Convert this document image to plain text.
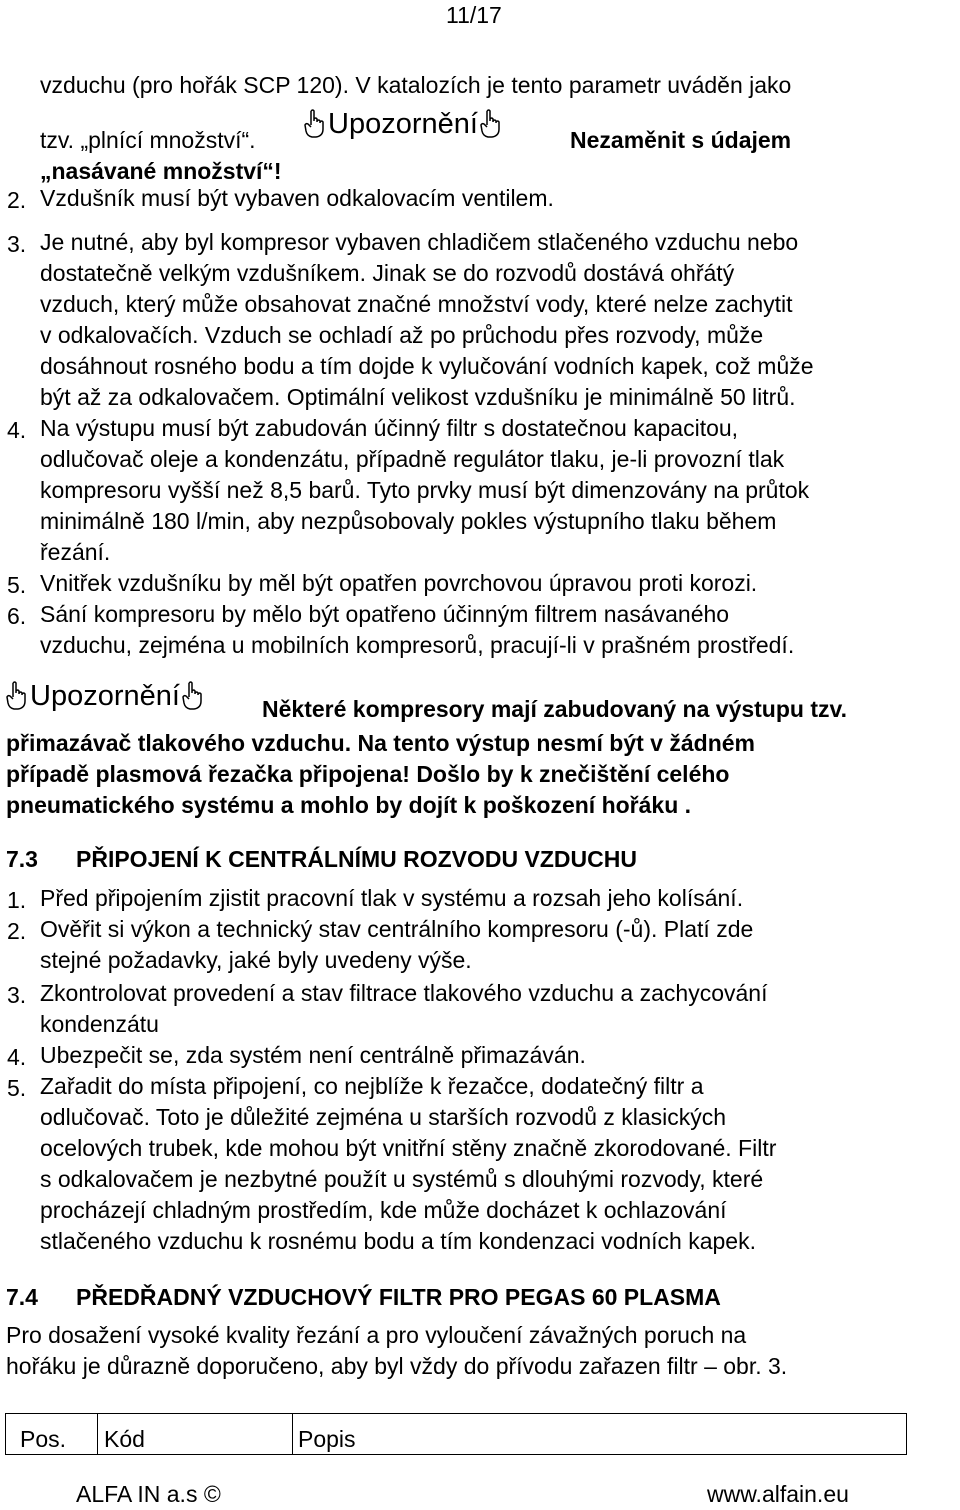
11/17
vzduchu (pro hořák SCP 120). V katalozích je tento parametr uváděn jako
tzv. „plnící množství“.	Upozornění	Nezaměnit s údajem
„nasávané množství“!
2. Vzdušník musí být vybaven odkalovacím ventilem.
3. Je nutné, aby byl kompresor vybaven chladičem stlačeného vzduchu nebo
dostatečně velkým vzdušníkem. Jinak se do rozvodů dostává ohřátý
vzduch, který může obsahovat značné množství vody, které nelze zachytit
v odkalovačích. Vzduch se ochladí až po průchodu přes rozvody, může
dosáhnout rosného bodu a tím dojde k vylučování vodních kapek, což může
být až za odkalovačem. Optimální velikost vzdušníku je minimálně 50 litrů.
4. Na výstupu musí být zabudován účinný filtr s dostatečnou kapacitou,
odlučovač oleje a kondenzátu, případně regulátor tlaku, je-li provozní tlak
kompresoru vyšší než 8,5 barů. Tyto prvky musí být dimenzovány na průtok
minimálně 180 l/min, aby nezpůsobovaly pokles výstupního tlaku během
řezání.
5. Vnitřek vzdušníku by měl být opatřen povrchovou úpravou proti korozi.
6. Sání kompresoru by mělo být opatřeno účinným filtrem nasávaného
vzduchu, zejména u mobilních kompresorů, pracují-li v prašném prostředí.
Upozornění	Některé kompresory mají zabudovaný na výstupu tzv.
přimazávač tlakového vzduchu. Na tento výstup nesmí být v žádném
případě plasmová řezačka připojena! Došlo by k znečištění celého
pneumatického systému a mohlo by dojít k poškození hořáku .
7.3 PŘIPOJENÍ K CENTRÁLNÍMU ROZVODU VZDUCHU
1. Před připojením zjistit pracovní tlak v systému a rozsah jeho kolísání.
2. Ověřit si výkon a technický stav centrálního kompresoru (-ů). Platí zde
stejné požadavky, jaké byly uvedeny výše.
3. Zkontrolovat provedení a stav filtrace tlakového vzduchu a zachycování
kondenzátu
4. Ubezpečit se, zda systém není centrálně přimazáván.
5. Zařadit do místa připojení, co nejblíže k řezačce, dodatečný filtr a
odlučovač. Toto je důležité zejména u starších rozvodů z klasických
ocelových trubek, kde mohou být vnitřní stěny značně zkorodované. Filtr
s odkalovačem je nezbytné použít u systémů s dlouhými rozvody, které
procházejí chladným prostředím, kde může docházet k ochlazování
stlačeného vzduchu k rosnému bodu a tím kondenzaci vodních kapek.
7.4 PŘEDŘADNÝ VZDUCHOVÝ FILTR PRO PEGAS 60 PLASMA
Pro dosažení vysoké kvality řezání a pro vyloučení závažných poruch na
hořáku je důrazně doporučeno, aby byl vždy do přívodu zařazen filtr – obr. 3.
Pos. Kód	Popis
ALFA IN a.s ©	www.alfain.eu
